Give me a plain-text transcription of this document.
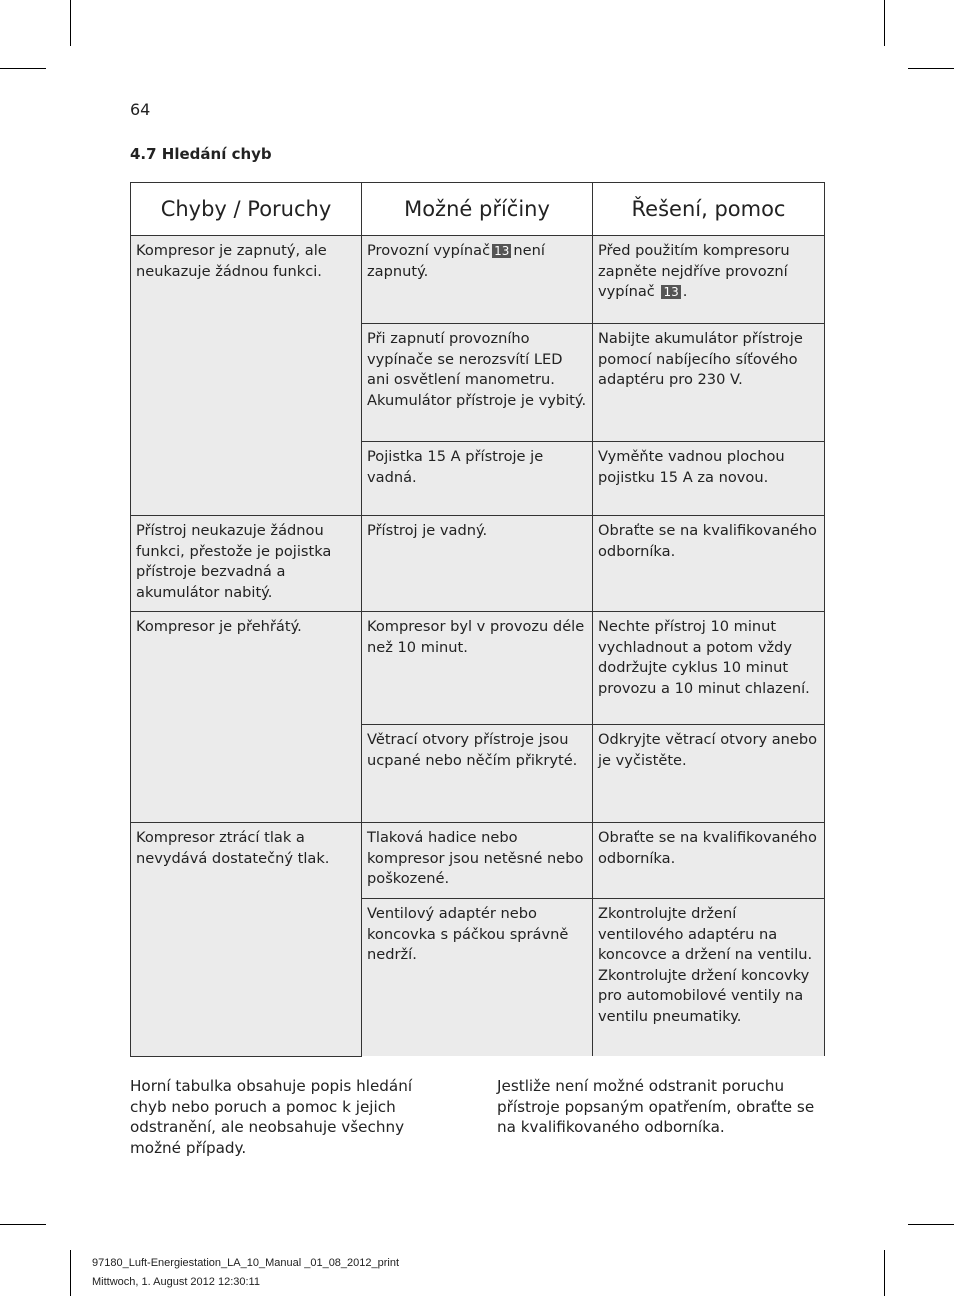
64
4.7 Hledání chyb
Chyby / Poruchy	Možné příčiny	Řešení, pomoc
Kompresor je zapnutý, ale neukazuje žádnou funkci.	Provozní vypínač 13 není zapnutý.	Před použitím kompresoru zapněte nejdříve provozní vypínač 13 .
	Při zapnutí provozního vypínače se nerozsvítí LED ani osvětlení manometru. Akumulátor přístroje je vybitý.	Nabijte akumulátor přístroje pomocí nabíjecího síťového adaptéru pro 230 V.
	Pojistka 15 A přístroje je vadná.	Vyměňte vadnou plochou pojistku 15 A za novou.
Přístroj neukazuje žádnou funkci, přestože je pojistka přístroje bezvadná a akumulátor nabitý.	Přístroj je vadný.	Obraťte se na kvalifikovaného odborníka.
Kompresor je přehřátý.	Kompresor byl v provozu déle než 10 minut.	Nechte přístroj 10 minut vychladnout a potom vždy dodržujte cyklus 10 minut provozu a 10 minut chlazení.
	Větrací otvory přístroje jsou ucpané nebo něčím přikryté.	Odkryjte větrací otvory anebo je vyčistěte.
Kompresor ztrácí tlak a nevydává dostatečný tlak.	Tlaková hadice nebo kompresor jsou netěsné nebo poškozené.	Obraťte se na kvalifikovaného odborníka.
	Ventilový adaptér nebo koncovka s páčkou správně nedrží.	Zkontrolujte držení ventilového adaptéru na koncovce a držení na ventilu. Zkontrolujte držení koncovky pro automobilové ventily na ventilu pneumatiky.
Horní tabulka obsahuje popis hledání chyb nebo poruch a pomoc k jejich odstranění, ale neobsahuje všechny možné případy.
Jestliže není možné odstranit poruchu přístroje popsaným opatřením, obraťte se na kvalifikovaného odborníka.
97180_Luft-Energiestation_LA_10_Manual _01_08_2012_print
Mittwoch, 1. August 2012 12:30:11
